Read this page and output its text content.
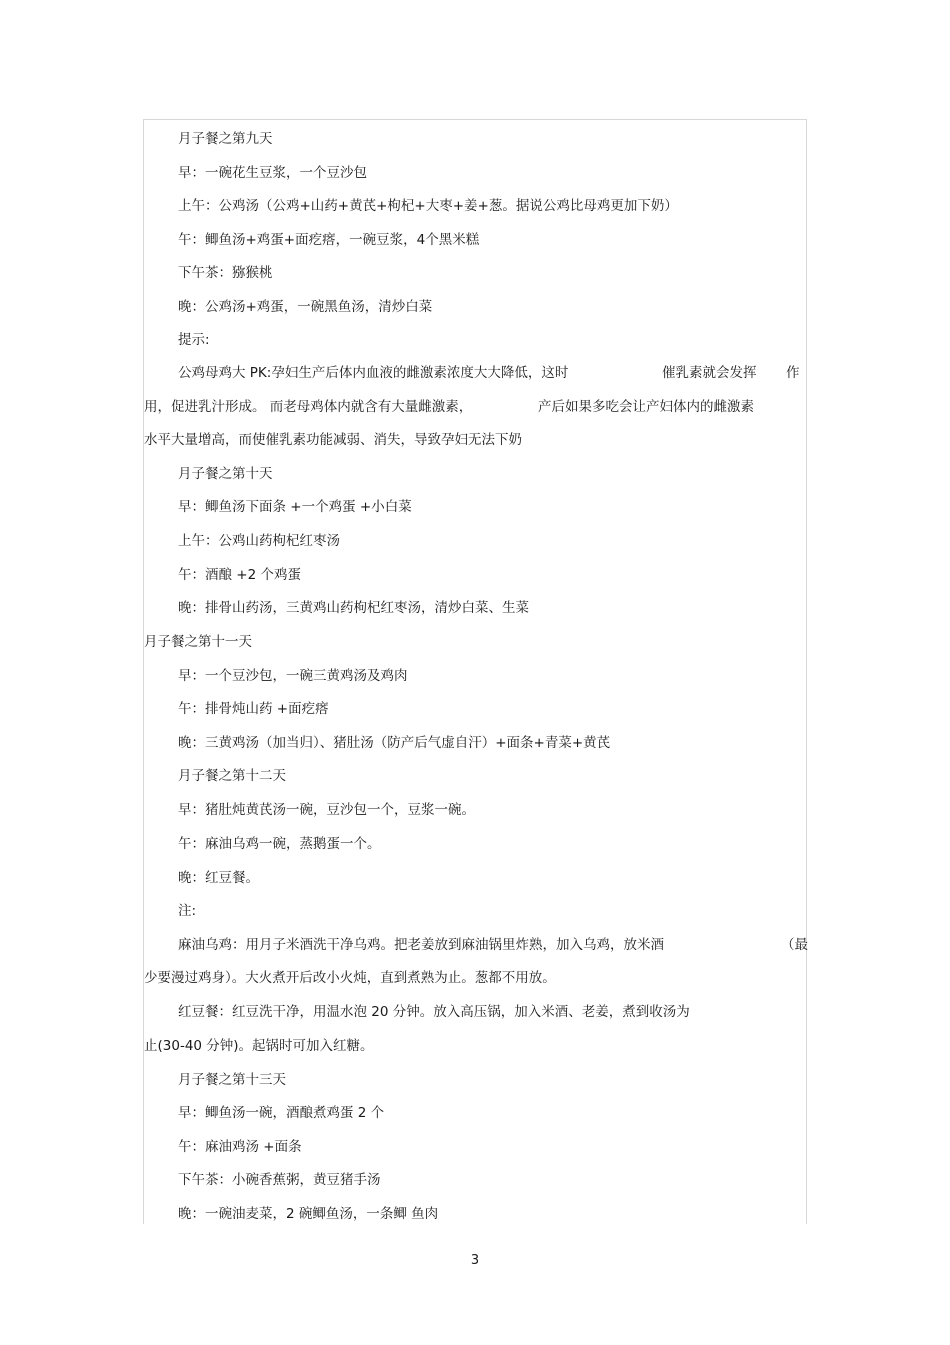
月子餐之第九天
早：一碗花生豆浆，一个豆沙包
上午：公鸡汤（公鸡+山药+黄芪+枸杞+大枣+姜+葱。据说公鸡比母鸡更加下奶）
午：鲫鱼汤+鸡蛋+面疙瘩，一碗豆浆，4个黑米糕
下午茶：猕猴桃
晚：公鸡汤+鸡蛋，一碗黑鱼汤，清炒白菜
提示:
公鸡母鸡大 PK:孕妇生产后体内血液的雌激素浓度大大降低，这时	催乳素就会发挥 作
用，促进乳汁形成。 而老母鸡体内就含有大量雌激素，	产后如果多吃会让产妇体内的雌激素
水平大量增高，而使催乳素功能减弱、消失，导致孕妇无法下奶
月子餐之第十天
早：鲫鱼汤下面条 +一个鸡蛋 +小白菜
上午：公鸡山药枸杞红枣汤
午：酒酿 +2 个鸡蛋
晚：排骨山药汤，三黄鸡山药枸杞红枣汤，清炒白菜、生菜
月子餐之第十一天
早：一个豆沙包，一碗三黄鸡汤及鸡肉
午：排骨炖山药 +面疙瘩
晚：三黄鸡汤（加当归）、猪肚汤（防产后气虚自汗）+面条+青菜+黄芪
月子餐之第十二天
早：猪肚炖黄芪汤一碗，豆沙包一个，豆浆一碗。
午：麻油乌鸡一碗，蒸鹅蛋一个。
晚：红豆餐。
注:
麻油乌鸡：用月子米酒洗干净乌鸡。把老姜放到麻油锅里炸熟，加入乌鸡，放米酒	（最
少要漫过鸡身）。大火煮开后改小火炖，直到煮熟为止。葱都不用放。
红豆餐：红豆洗干净，用温水泡 20 分钟。放入高压锅，加入米酒、老姜，煮到收汤为
止(30-40 分钟)。起锅时可加入红糖。
月子餐之第十三天
早：鲫鱼汤一碗，酒酿煮鸡蛋 2 个
午：麻油鸡汤 +面条
下午茶：小碗香蕉粥，黄豆猪手汤
晚：一碗油麦菜，2 碗鲫鱼汤，一条鲫 鱼肉
3
